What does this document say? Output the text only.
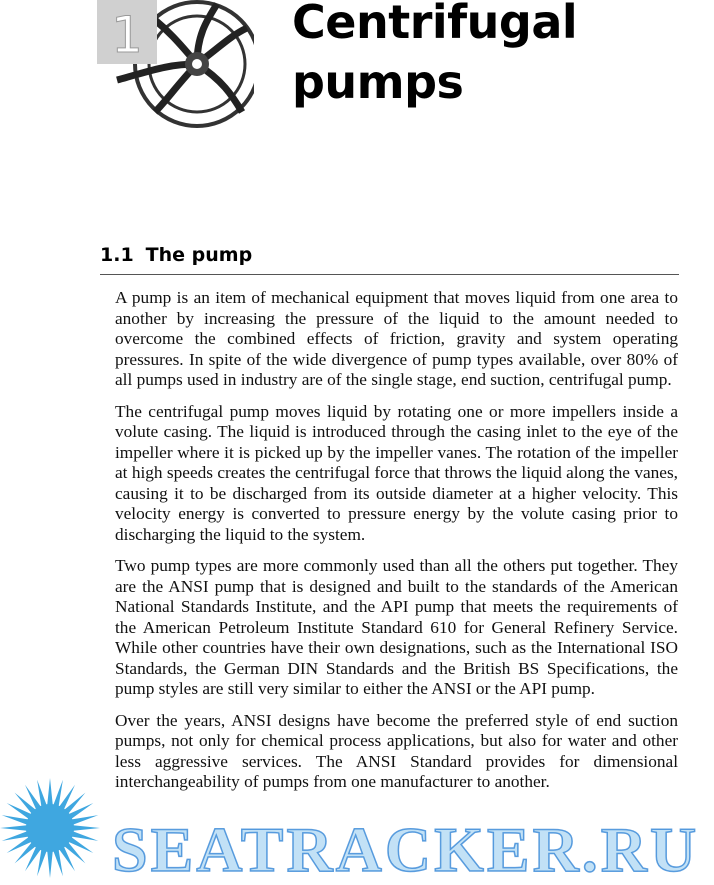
1	Centrifugal
pumps
1.1 The pump

A pump is an item of mechanical equipment that moves liquid from one area to another by increasing the pressure of the liquid to the amount needed to overcome the combined effects of friction, gravity and system operating pressures. In spite of the wide divergence of pump types available, over 80% of all pumps used in industry are of the single stage, end suction, centrifugal pump.

The centrifugal pump moves liquid by rotating one or more impellers inside a volute casing. The liquid is introduced through the casing inlet to the eye of the impeller where it is picked up by the impeller vanes. The rotation of the impeller at high speeds creates the centrifugal force that throws the liquid along the vanes, causing it to be discharged from its outside diameter at a higher velocity. This velocity energy is converted to pressure energy by the volute casing prior to discharging the liquid to the system.

Two pump types are more commonly used than all the others put together. They are the ANSI pump that is designed and built to the standards of the American National Standards Institute, and the API pump that meets the requirements of the American Petroleum Institute Standard 610 for General Refinery Service. While other countries have their own designations, such as the International ISO Standards, the German DIN Standards and the British BS Specifications, the pump styles are still very similar to either the ANSI or the API pump.

Over the years, ANSI designs have become the preferred style of end suction pumps, not only for chemical process applications, but also for water and other less aggressive services. The ANSI Standard provides for dimensional interchangeability of pumps from one manufacturer to another.

SEATRACKER.RU
